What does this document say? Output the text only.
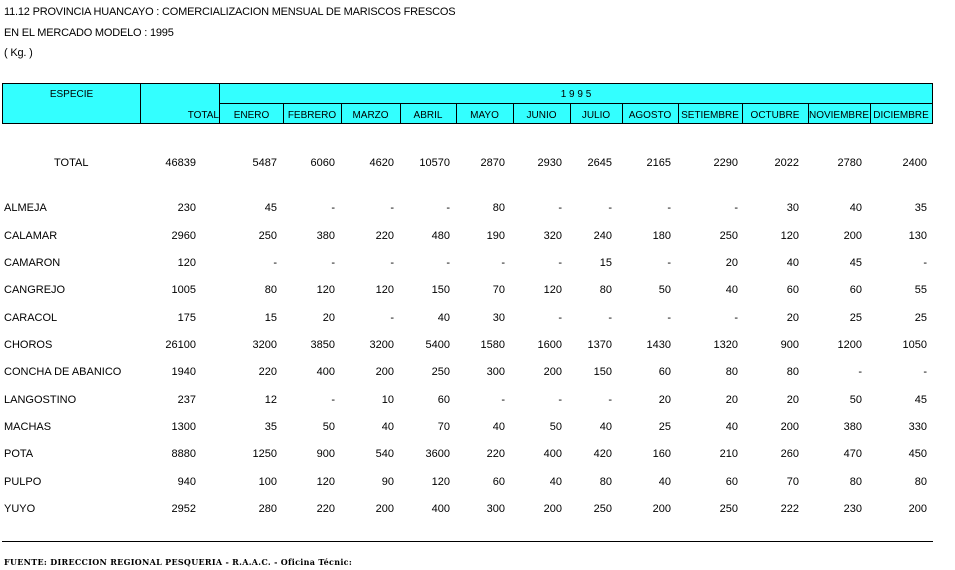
11.12 PROVINCIA HUANCAYO : COMERCIALIZACION MENSUAL DE MARISCOS FRESCOS
EN EL MERCADO MODELO : 1995
( Kg. )
ESPECIE
TOTAL
1 9 9 5
ENERO	FEBRERO	MARZO	ABRIL	MAYO	JUNIO	JULIO	AGOSTO SETIEMBRE	OCTUBRE NOVIEMBRE DICIEMBRE
TOTAL	46839	5487	6060	4620	10570	2870	2930	2645	2165	2290	2022	2780	2400
ALMEJA	230	45	-	-	-	80	-	-	-	-	30	40	35
CALAMAR	2960	250	380	220	480	190	320	240	180	250	120	200	130
CAMARON	120	-	-	-	-	-	-	15	-	20	40	45	-
CANGREJO	1005	80	120	120	150	70	120	80	50	40	60	60	55
CARACOL	175	15	20	-	40	30	-	-	-	-	20	25	25
CHOROS	26100	3200	3850	3200	5400	1580	1600	1370	1430	1320	900	1200	1050
CONCHA DE ABANICO	1940	220	400	200	250	300	200	150	60	80	80	-	-
LANGOSTINO	237	12	-	10	60	-	-	-	20	20	20	50	45
MACHAS	1300	35	50	40	70	40	50	40	25	40	200	380	330
POTA	8880	1250	900	540	3600	220	400	420	160	210	260	470	450
PULPO	940	100	120	90	120	60	40	80	40	60	70	80	80
YUYO	2952	280	220	200	400	300	200	250	200	250	222	230	200
FUENTE: DIRECCION REGIONAL PESQUERIA - R.A.A.C. - Oficina Técnic:
